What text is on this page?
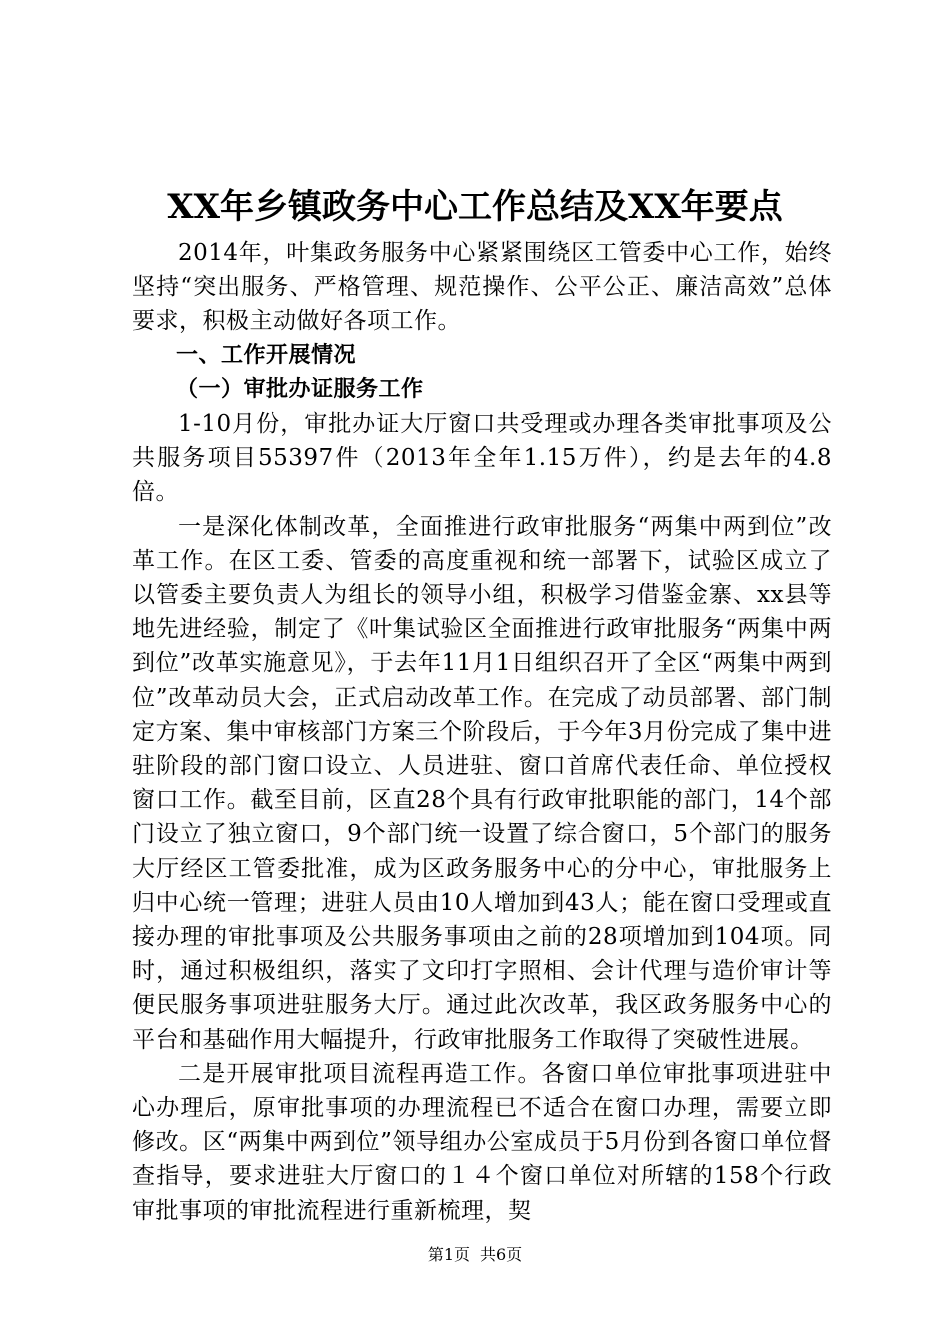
XX年乡镇政务中心工作总结及XX年要点

2014年，叶集政务服务中心紧紧围绕区工管委中心工作，始终坚持“突出服务、严格管理、规范操作、公平公正、廉洁高效”总体要求，积极主动做好各项工作。

一、工作开展情况

（一）审批办证服务工作

1-10月份，审批办证大厅窗口共受理或办理各类审批事项及公共服务项目55397件（2013年全年1.15万件），约是去年的4.8倍。

一是深化体制改革，全面推进行政审批服务“两集中两到位”改革工作。在区工委、管委的高度重视和统一部署下，试验区成立了以管委主要负责人为组长的领导小组，积极学习借鉴金寨、xx县等地先进经验，制定了《叶集试验区全面推进行政审批服务“两集中两到位”改革实施意见》，于去年11月1日组织召开了全区“两集中两到位”改革动员大会，正式启动改革工作。在完成了动员部署、部门制定方案、集中审核部门方案三个阶段后，于今年3月份完成了集中进驻阶段的部门窗口设立、人员进驻、窗口首席代表任命、单位授权窗口工作。截至目前，区直28个具有行政审批职能的部门，14个部门设立了独立窗口，9个部门统一设置了综合窗口，5个部门的服务大厅经区工管委批准，成为区政务服务中心的分中心，审批服务上归中心统一管理；进驻人员由10人增加到43人；能在窗口受理或直接办理的审批事项及公共服务事项由之前的28项增加到104项。同时，通过积极组织，落实了文印打字照相、会计代理与造价审计等便民服务事项进驻服务大厅。通过此次改革，我区政务服务中心的平台和基础作用大幅提升，行政审批服务工作取得了突破性进展。

二是开展审批项目流程再造工作。各窗口单位审批事项进驻中心办理后，原审批事项的办理流程已不适合在窗口办理，需要立即修改。区“两集中两到位”领导组办公室成员于5月份到各窗口单位督查指导，要求进驻大厅窗口的１４个窗口单位对所辖的158个行政审批事项的审批流程进行重新梳理，契

第1页 共6页
